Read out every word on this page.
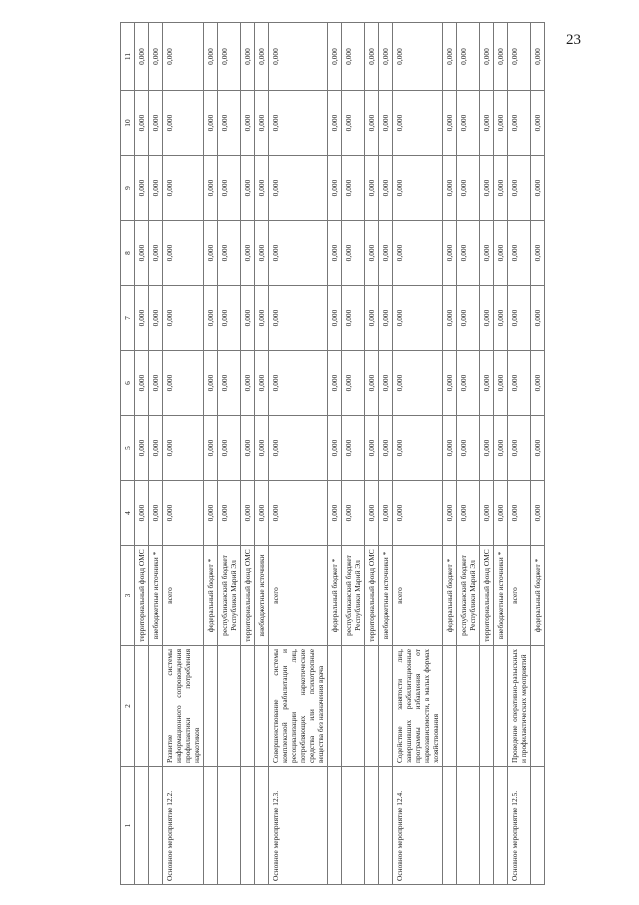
23
1	2	3	4	5	6	7	8	9	10	11
		территориальный фонд ОМС	0,000	0,000	0,000	0,000	0,000	0,000	0,000	0,000
		внебюджетные источники *	0,000	0,000	0,000	0,000	0,000	0,000	0,000	0,000
Основное мероприятие 12.2.	Развитие системы информационного сопровождения профилактики потребления наркотиков	всего	0,000	0,000	0,000	0,000	0,000	0,000	0,000	0,000
		федеральный бюджет *	0,000	0,000	0,000	0,000	0,000	0,000	0,000	0,000
		республиканский бюджет Республики Марий Эл	0,000	0,000	0,000	0,000	0,000	0,000	0,000	0,000
		территориальный фонд ОМС	0,000	0,000	0,000	0,000	0,000	0,000	0,000	0,000
		внебюджетные источники	0,000	0,000	0,000	0,000	0,000	0,000	0,000	0,000
Основное мероприятие 12.3.	Совершенствование системы комплексной реабилитации и ресоциализации лиц, потребляющих наркотические средства или психотропные вещества без назначения врача	всего	0,000	0,000	0,000	0,000	0,000	0,000	0,000	0,000
		федеральный бюджет *	0,000	0,000	0,000	0,000	0,000	0,000	0,000	0,000
		республиканский бюджет Республики Марий Эл	0,000	0,000	0,000	0,000	0,000	0,000	0,000	0,000
		территориальный фонд ОМС	0,000	0,000	0,000	0,000	0,000	0,000	0,000	0,000
		внебюджетные источники *	0,000	0,000	0,000	0,000	0,000	0,000	0,000	0,000
Основное мероприятие 12.4.	Содействие занятости лиц, завершивших реабилитационные программы избавления от наркозависимости, в малых формах хозяйствования	всего	0,000	0,000	0,000	0,000	0,000	0,000	0,000	0,000
		федеральный бюджет *	0,000	0,000	0,000	0,000	0,000	0,000	0,000	0,000
		республиканский бюджет Республики Марий Эл	0,000	0,000	0,000	0,000	0,000	0,000	0,000	0,000
		территориальный фонд ОМС	0,000	0,000	0,000	0,000	0,000	0,000	0,000	0,000
		внебюджетные источники *	0,000	0,000	0,000	0,000	0,000	0,000	0,000	0,000
Основное мероприятие 12.5.	Проведение оперативно-разыскных и профилактических мероприятий	всего	0,000	0,000	0,000	0,000	0,000	0,000	0,000	0,000
		федеральный бюджет *	0,000	0,000	0,000	0,000	0,000	0,000	0,000	0,000
